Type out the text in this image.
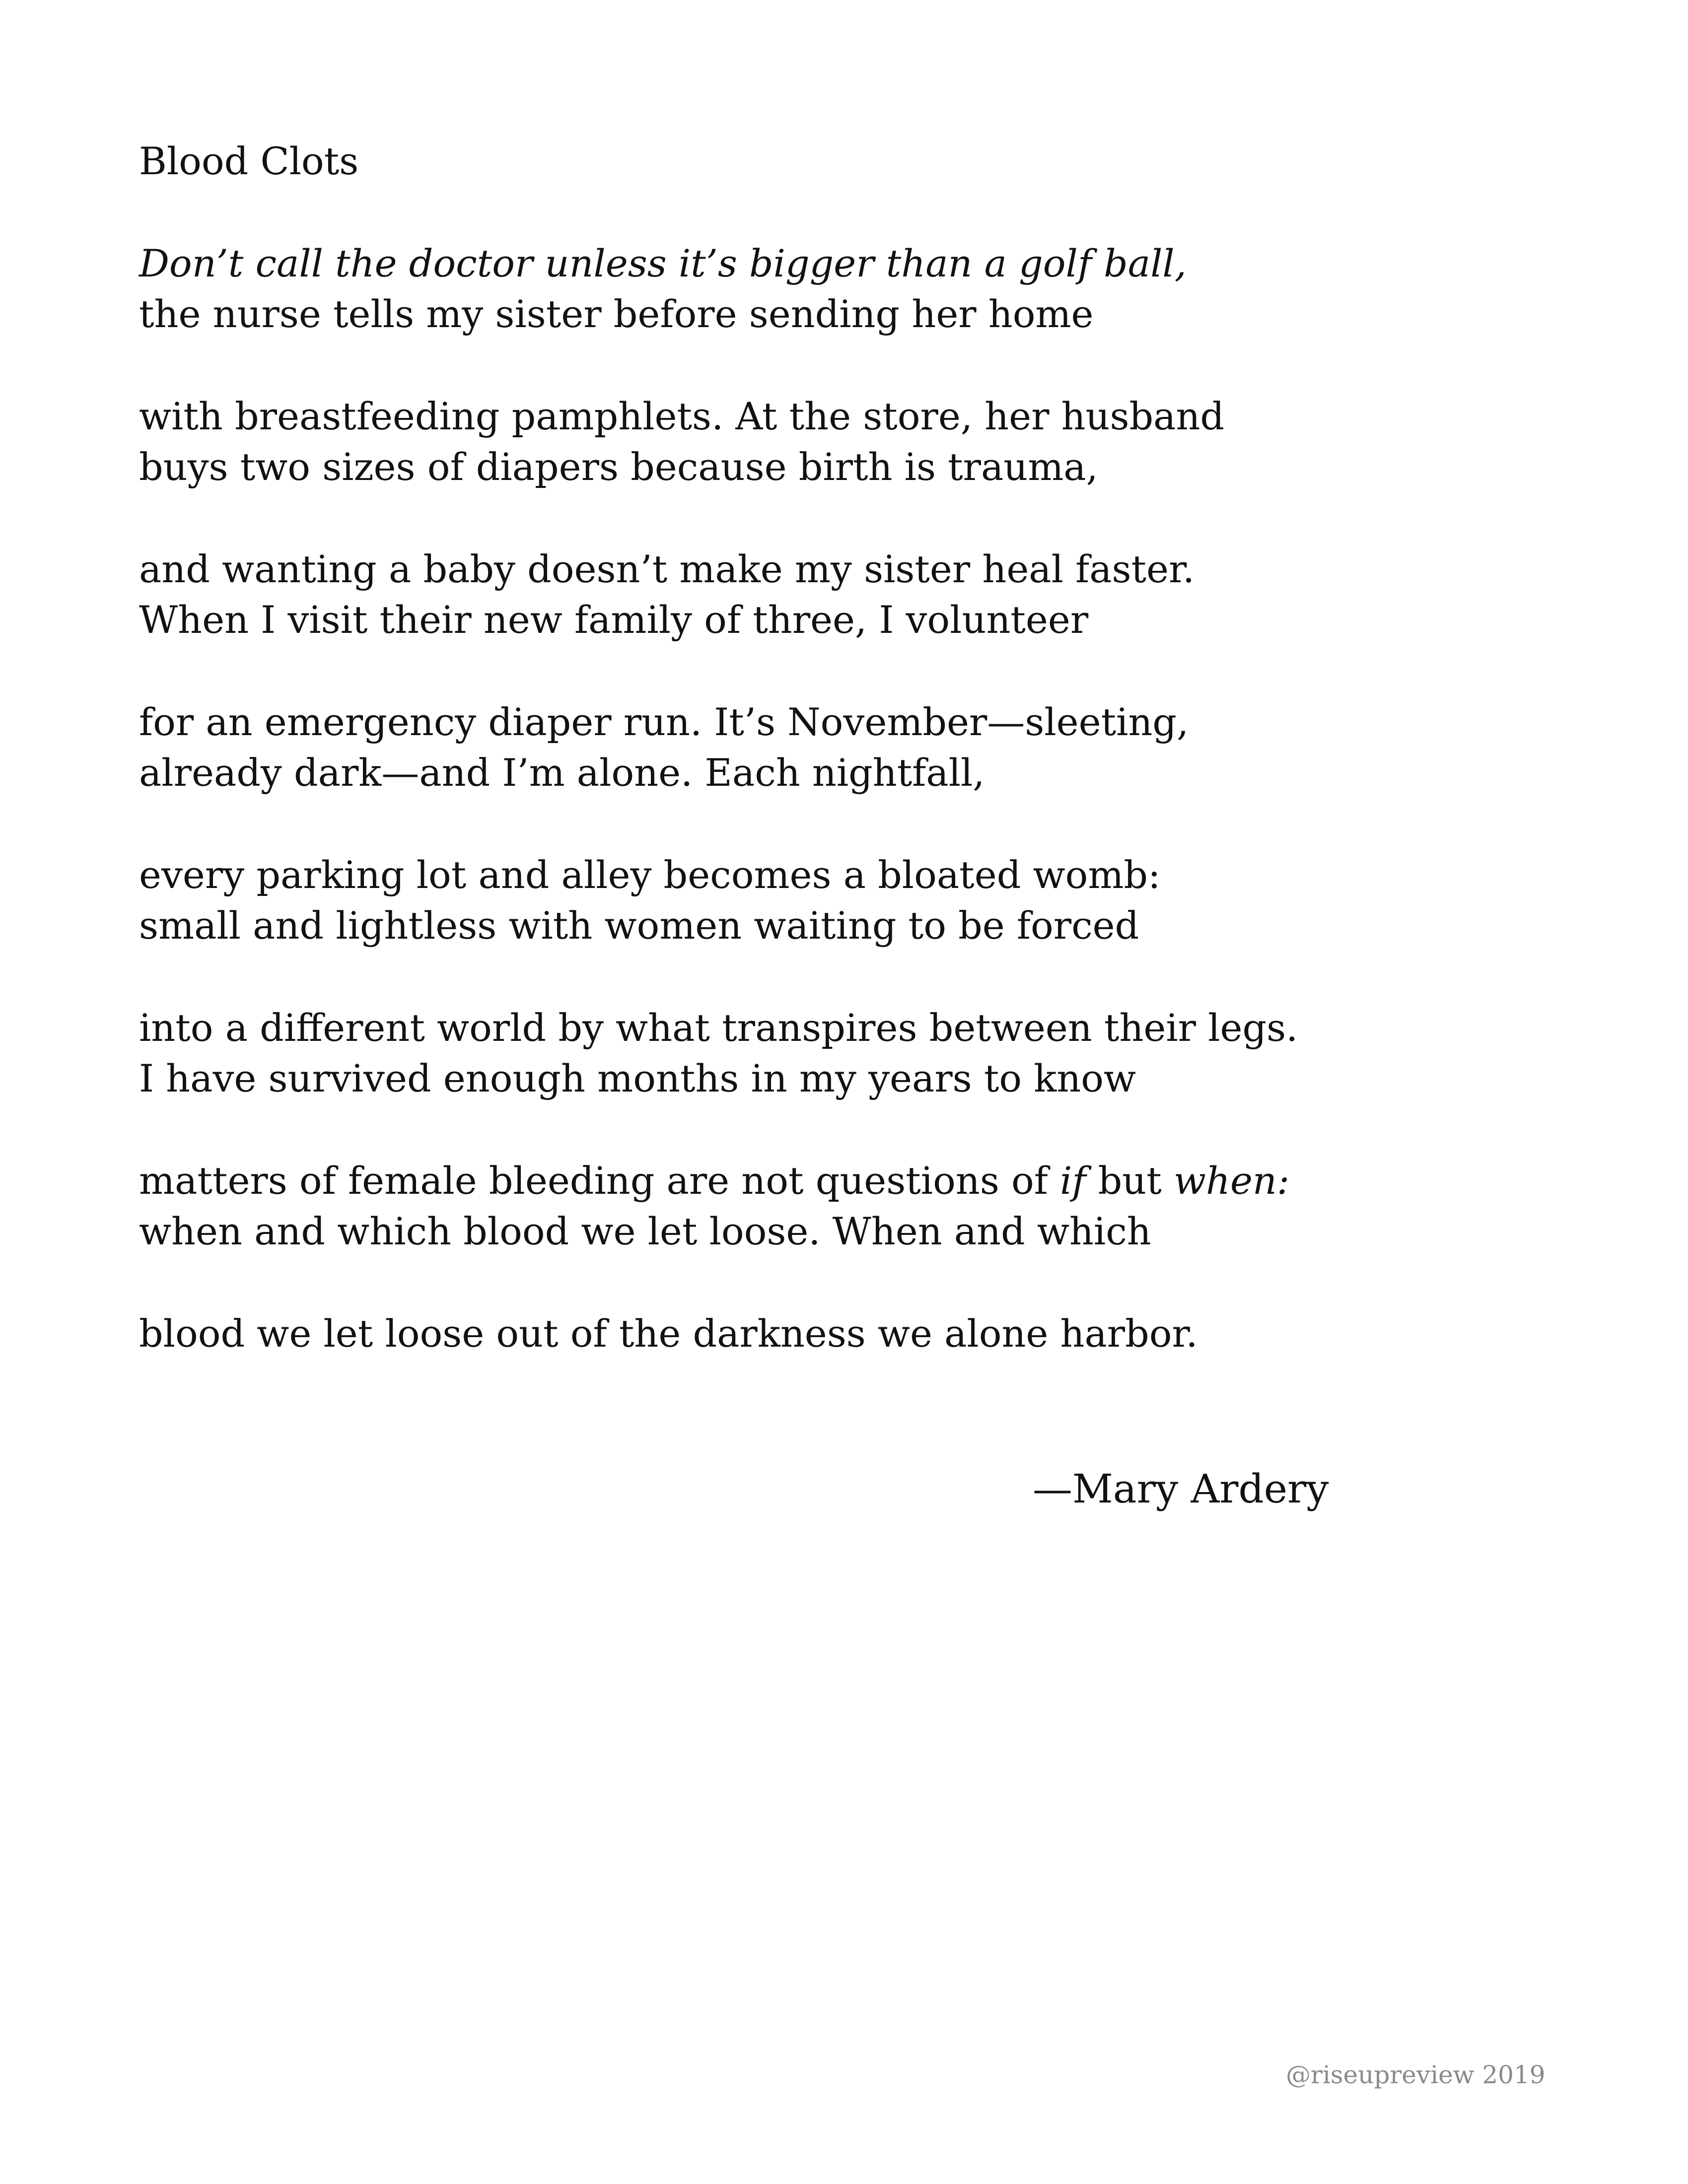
Blood Clots

Don’t call the doctor unless it’s bigger than a golf ball,
the nurse tells my sister before sending her home

with breastfeeding pamphlets. At the store, her husband
buys two sizes of diapers because birth is trauma,

and wanting a baby doesn’t make my sister heal faster.
When I visit their new family of three, I volunteer

for an emergency diaper run. It’s November—sleeting,
already dark—and I’m alone. Each nightfall,

every parking lot and alley becomes a bloated womb:
small and lightless with women waiting to be forced

into a different world by what transpires between their legs.
I have survived enough months in my years to know

matters of female bleeding are not questions of if but when:
when and which blood we let loose. When and which

blood we let loose out of the darkness we alone harbor.

—Mary Ardery

@riseupreview 2019
